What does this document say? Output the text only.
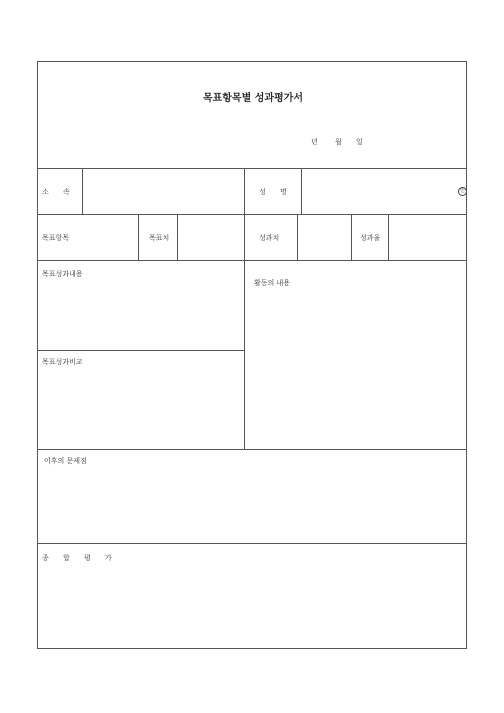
목표항목별 성과평가서
년 월 일
소 속	성 명	인
목표항목	목표치	성과치	성과율
목표성과내용
활동의 내용
목표성과비교
이후의 문제점
종 합 평 가
